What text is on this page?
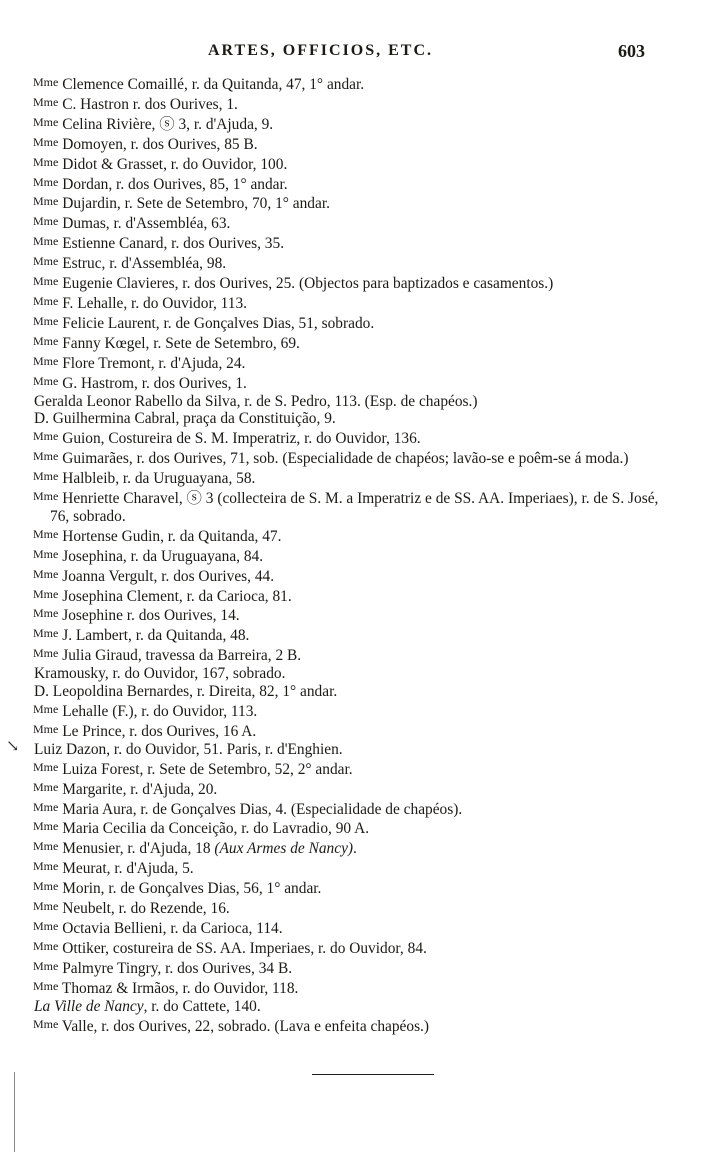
ARTES, OFFICIOS, ETC.	603
↘

Mme Clemence Comaillé, r. da Quitanda, 47, 1° andar.

Mme C. Hastron r. dos Ourives, 1.

Mme Celina Rivière, ⓢ 3, r. d'Ajuda, 9.

Mme Domoyen, r. dos Ourives, 85 B.

Mme Didot & Grasset, r. do Ouvidor, 100.

Mme Dordan, r. dos Ourives, 85, 1° andar.

Mme Dujardin, r. Sete de Setembro, 70, 1° andar.

Mme Dumas, r. d'Assembléa, 63.

Mme Estienne Canard, r. dos Ourives, 35.

Mme Estruc, r. d'Assembléa, 98.

Mme Eugenie Clavieres, r. dos Ourives, 25. (Objectos para baptizados e casamentos.)

Mme F. Lehalle, r. do Ouvidor, 113.

Mme Felicie Laurent, r. de Gonçalves Dias, 51, sobrado.

Mme Fanny Kœgel, r. Sete de Setembro, 69.

Mme Flore Tremont, r. d'Ajuda, 24.

Mme G. Hastrom, r. dos Ourives, 1.

Geralda Leonor Rabello da Silva, r. de S. Pedro, 113. (Esp. de chapéos.)

D. Guilhermina Cabral, praça da Constituição, 9.

Mme Guion, Costureira de S. M. Imperatriz, r. do Ouvidor, 136.

Mme Guimarães, r. dos Ourives, 71, sob. (Especialidade de chapéos; lavão-se e poêm-se á moda.)

Mme Halbleib, r. da Uruguayana, 58.

Mme Henriette Charavel, ⓢ 3 (collecteira de S. M. a Imperatriz e de SS. AA. Imperiaes), r. de S. José, 76, sobrado.

Mme Hortense Gudin, r. da Quitanda, 47.

Mme Josephina, r. da Uruguayana, 84.

Mme Joanna Vergult, r. dos Ourives, 44.

Mme Josephina Clement, r. da Carioca, 81.

Mme Josephine r. dos Ourives, 14.

Mme J. Lambert, r. da Quitanda, 48.

Mme Julia Giraud, travessa da Barreira, 2 B.

Kramousky, r. do Ouvidor, 167, sobrado.

D. Leopoldina Bernardes, r. Direita, 82, 1° andar.

Mme Lehalle (F.), r. do Ouvidor, 113.

Mme Le Prince, r. dos Ourives, 16 A.

Luiz Dazon, r. do Ouvidor, 51. Paris, r. d'Enghien.

Mme Luiza Forest, r. Sete de Setembro, 52, 2° andar.

Mme Margarite, r. d'Ajuda, 20.

Mme Maria Aura, r. de Gonçalves Dias, 4. (Especialidade de chapéos).

Mme Maria Cecilia da Conceição, r. do Lavradio, 90 A.

Mme Menusier, r. d'Ajuda, 18 (Aux Armes de Nancy).

Mme Meurat, r. d'Ajuda, 5.

Mme Morin, r. de Gonçalves Dias, 56, 1° andar.

Mme Neubelt, r. do Rezende, 16.

Mme Octavia Bellieni, r. da Carioca, 114.

Mme Ottiker, costureira de SS. AA. Imperiaes, r. do Ouvidor, 84.

Mme Palmyre Tingry, r. dos Ourives, 34 B.

Mme Thomaz & Irmãos, r. do Ouvidor, 118.

La Ville de Nancy, r. do Cattete, 140.

Mme Valle, r. dos Ourives, 22, sobrado. (Lava e enfeita chapéos.)
